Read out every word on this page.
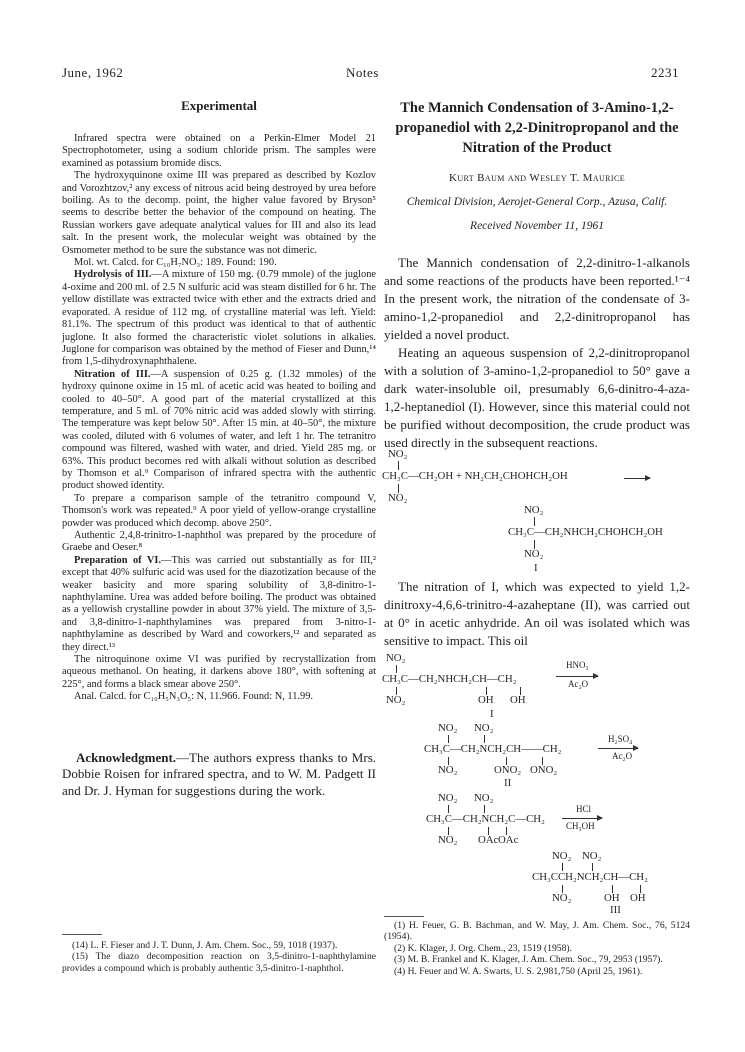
June, 1962	Notes	2231
Experimental

Infrared spectra were obtained on a Perkin-Elmer Model 21 Spectrophotometer, using a sodium chloride prism. The samples were examined as potassium bromide discs.

The hydroxyquinone oxime III was prepared as described by Kozlov and Vorozhtzov,² any excess of nitrous acid being destroyed by urea before boiling. As to the decomp. point, the higher value favored by Bryson⁵ seems to describe better the behavior of the compound on heating. The Russian workers gave adequate analytical values for III and also its lead salt. In the present work, the molecular weight was obtained by the Osmometer method to be sure the substance was not dimeric.

Mol. wt. Calcd. for C₁₀H₇NO₃: 189. Found: 190.

Hydrolysis of III.—A mixture of 150 mg. (0.79 mmole) of the juglone 4-oxime and 200 ml. of 2.5 N sulfuric acid was steam distilled for 6 hr. The yellow distillate was extracted twice with ether and the extracts dried and evaporated. A residue of 112 mg. of crystalline material was left. Yield: 81.1%. The spectrum of this product was identical to that of authentic juglone. It also formed the characteristic violet solutions in alkalies. Juglone for comparison was obtained by the method of Fieser and Dunn,¹⁴ from 1,5-dihydroxynaphthalene.

Nitration of III.—A suspension of 0.25 g. (1.32 mmoles) of the hydroxy quinone oxime in 15 ml. of acetic acid was heated to boiling and cooled to 40–50°. A good part of the material crystallized at this temperature, and 5 ml. of 70% nitric acid was added slowly with stirring. The temperature was kept below 50°. After 15 min. at 40–50°, the mixture was cooled, diluted with 6 volumes of water, and left 1 hr. The tetranitro compound was filtered, washed with water, and dried. Yield 285 mg. or 63%. This product becomes red with alkali without solution as described by Thomson et al.⁹ Comparison of infrared spectra with the authentic product showed identity.

To prepare a comparison sample of the tetranitro compound V, Thomson's work was repeated.⁹ A poor yield of yellow-orange crystalline powder was produced which decomp. above 250°.

Authentic 2,4,8-trinitro-1-naphthol was prepared by the procedure of Graebe and Oeser.⁸

Preparation of VI.—This was carried out substantially as for III,² except that 40% sulfuric acid was used for the diazotization because of the weaker basicity and more sparing solubility of 3,8-dinitro-1-naphthylamine. Urea was added before boiling. The product was obtained as a yellowish crystalline powder in about 37% yield. The mixture of 3,5- and 3,8-dinitro-1-naphthylamines was prepared from 3-nitro-1-naphthylamine as described by Ward and coworkers,¹² and separated as they direct.¹³

The nitroquinone oxime VI was purified by recrystallization from aqueous methanol. On heating, it darkens above 180°, with softening at 225°, and forms a black smear above 250°.

Anal. Calcd. for C₁₀H₅N₃O₅: N, 11.966. Found: N, 11.99.

Acknowledgment.—The authors express thanks to Mrs. Dobbie Roisen for infrared spectra, and to W. M. Padgett II and Dr. J. Hyman for suggestions during the work.

(14) L. F. Fieser and J. T. Dunn, J. Am. Chem. Soc., 59, 1018 (1937).

(15) The diazo decomposition reaction on 3,5-dinitro-1-naphthylamine provides a compound which is probably authentic 3,5-dinitro-1-naphthol.

The Mannich Condensation of 3-Amino-1,2-propanediol with 2,2-Dinitropropanol and the Nitration of the Product

Kurt Baum and Wesley T. Maurice
Chemical Division, Aerojet-General Corp., Azusa, Calif.
Received November 11, 1961

The Mannich condensation of 2,2-dinitro-1-alkanols and some reactions of the products have been reported.¹⁻⁴ In the present work, the nitration of the condensate of 3-amino-1,2-propanediol and 2,2-dinitropropanol has yielded a novel product.

Heating an aqueous suspension of 2,2-dinitropropanol with a solution of 3-amino-1,2-propanediol to 50° gave a dark water-insoluble oil, presumably 6,6-dinitro-4-aza-1,2-heptanediol (I). However, since this material could not be purified without decomposition, the crude product was used directly in the subsequent reactions.

NO₂
CH₃C—CH₂OH + NH₂CH₂CHOHCH₂OH
NO₂
NO₂
CH₃C—CH₂NHCH₂CHOHCH₂OH
NO₂
I

The nitration of I, which was expected to yield 1,2-dinitroxy-4,6,6-trinitro-4-azaheptane (II), was carried out at 0° in acetic anhydride. An oil was isolated which was sensitive to impact. This oil

NO₂
CH₃C—CH₂NHCH₂CH—CH₂
NO₂	OH OH
I
HNO₃
Ac₂O
NO₂ NO₂
CH₃C—CH₂NCH₂CH——CH₂
NO₂	ONO₂ ONO₂
II
H₂SO₄
Ac₂O
NO₂ NO₂
CH₃C—CH₂NCH₂C—CH₂
NO₂ OAc OAc
HCl
CH₃OH
NO₂ NO₂
CH₃CCH₂NCH₂CH—CH₂
NO₂	OH OH
III

(1) H. Feuer, G. B. Bachman, and W. May, J. Am. Chem. Soc., 76, 5124 (1954).

(2) K. Klager, J. Org. Chem., 23, 1519 (1958).

(3) M. B. Frankel and K. Klager, J. Am. Chem. Soc., 79, 2953 (1957).

(4) H. Feuer and W. A. Swarts, U. S. 2,981,750 (April 25, 1961).
